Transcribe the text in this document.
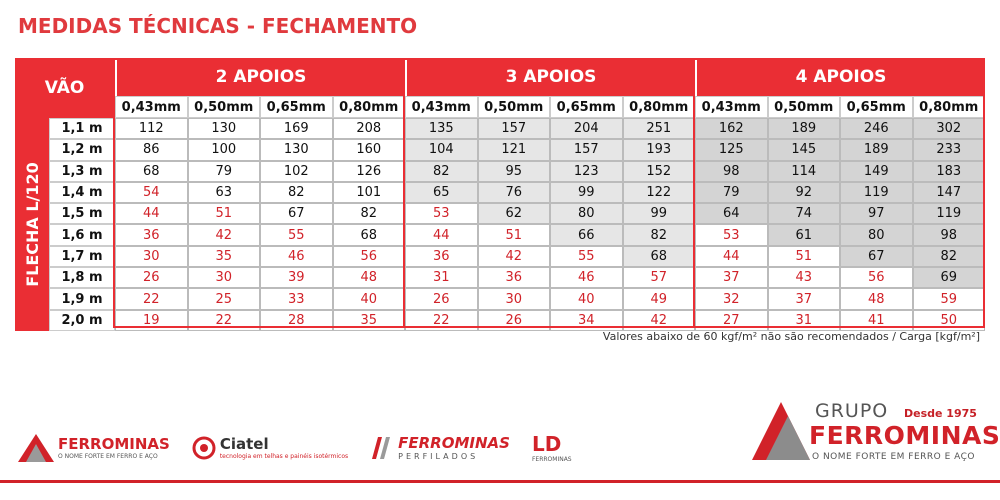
MEDIDAS TÉCNICAS - FECHAMENTO
VÃO
2 APOIOS	3 APOIOS	4 APOIOS
FLECHA L/120
0,43mm	0,50mm	0,65mm	0,80mm	0,43mm	0,50mm	0,65mm	0,80mm	0,43mm	0,50mm	0,65mm	0,80mm
1,1 m	112	130	169	208	135	157	204	251	162	189	246	302
1,2 m	86	100	130	160	104	121	157	193	125	145	189	233
1,3 m	68	79	102	126	82	95	123	152	98	114	149	183
1,4 m	54	63	82	101	65	76	99	122	79	92	119	147
1,5 m	44	51	67	82	53	62	80	99	64	74	97	119
1,6 m	36	42	55	68	44	51	66	82	53	61	80	98
1,7 m	30	35	46	56	36	42	55	68	44	51	67	82
1,8 m	26	30	39	48	31	36	46	57	37	43	56	69
1,9 m	22	25	33	40	26	30	40	49	32	37	48	59
2,0 m	19	22	28	35	22	26	34	42	27	31	41	50
Valores abaixo de 60 kgf/m² não são recomendados / Carga [kgf/m²]
FERROMINAS
O NOME FORTE EM FERRO E AÇO
Ciatel
tecnologia em telhas e painéis isotérmicos
FERROMINAS
PERFILADOS
LD
FERROMINAS
GRUPO Desde 1975
FERROMINAS
O NOME FORTE EM FERRO E AÇO
